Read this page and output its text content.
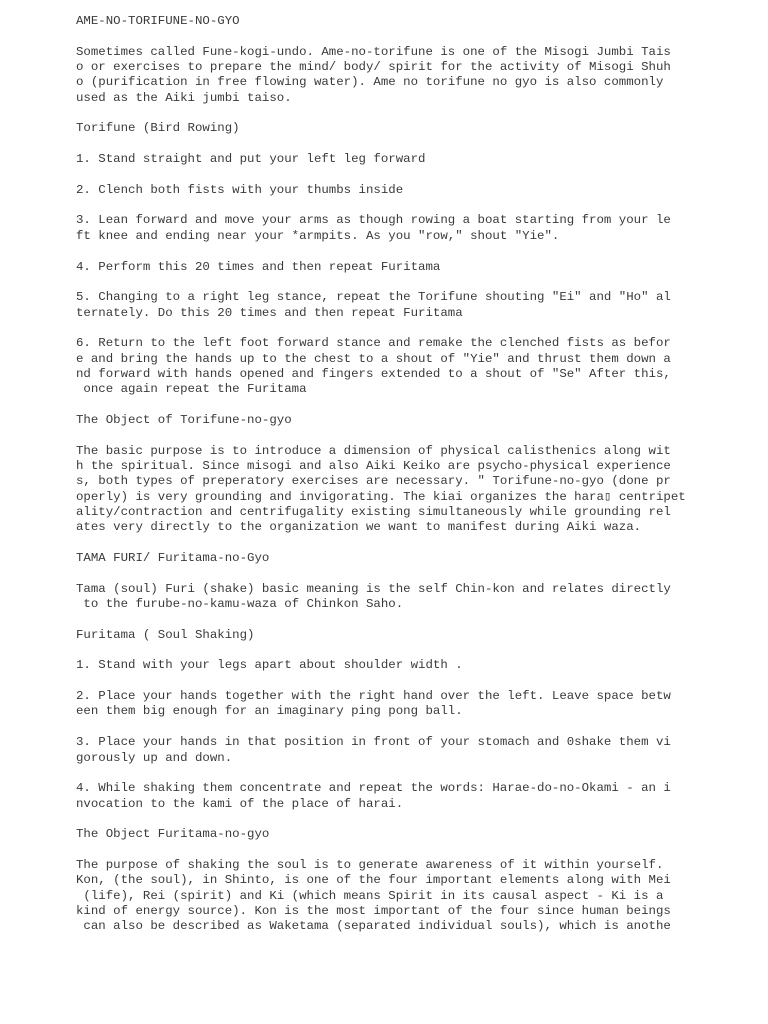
AME-NO-TORIFUNE-NO-GYO
Sometimes called Fune-kogi-undo. Ame-no-torifune is one of the Misogi Jumbi Tais
o or exercises to prepare the mind/ body/ spirit for the activity of Misogi Shuh
o (purification in free flowing water). Ame no torifune no gyo is also commonly
used as the Aiki jumbi taiso.
Torifune (Bird Rowing)
1. Stand straight and put your left leg forward
2. Clench both fists with your thumbs inside
3. Lean forward and move your arms as though rowing a boat starting from your le
ft knee and ending near your *armpits. As you "row," shout "Yie".
4. Perform this 20 times and then repeat Furitama
5. Changing to a right leg stance, repeat the Torifune shouting "Ei" and "Ho" al
ternately. Do this 20 times and then repeat Furitama
6. Return to the left foot forward stance and remake the clenched fists as befor
e and bring the hands up to the chest to a shout of "Yie" and thrust them down a
nd forward with hands opened and fingers extended to a shout of "Se" After this,
once again repeat the Furitama
The Object of Torifune-no-gyo
The basic purpose is to introduce a dimension of physical calisthenics along wit
h the spiritual. Since misogi and also Aiki Keiko are psycho-physical experience
s, both types of preperatory exercises are necessary. " Torifune-no-gyo (done pr
operly) is very grounding and invigorating. The kiai organizes the hara▯ centripet
ality/contraction and centrifugality existing simultaneously while grounding rel
ates very directly to the organization we want to manifest during Aiki waza.
TAMA FURI/ Furitama-no-Gyo
Tama (soul) Furi (shake) basic meaning is the self Chin-kon and relates directly
to the furube-no-kamu-waza of Chinkon Saho.
Furitama ( Soul Shaking)
1. Stand with your legs apart about shoulder width .
2. Place your hands together with the right hand over the left. Leave space betw
een them big enough for an imaginary ping pong ball.
3. Place your hands in that position in front of your stomach and 0shake them vi
gorously up and down.
4. While shaking them concentrate and repeat the words: Harae-do-no-Okami - an i
nvocation to the kami of the place of harai.
The Object Furitama-no-gyo
The purpose of shaking the soul is to generate awareness of it within yourself.
Kon, (the soul), in Shinto, is one of the four important elements along with Mei
(life), Rei (spirit) and Ki (which means Spirit in its causal aspect - Ki is a
kind of energy source). Kon is the most important of the four since human beings
can also be described as Waketama (separated individual souls), which is anothe
